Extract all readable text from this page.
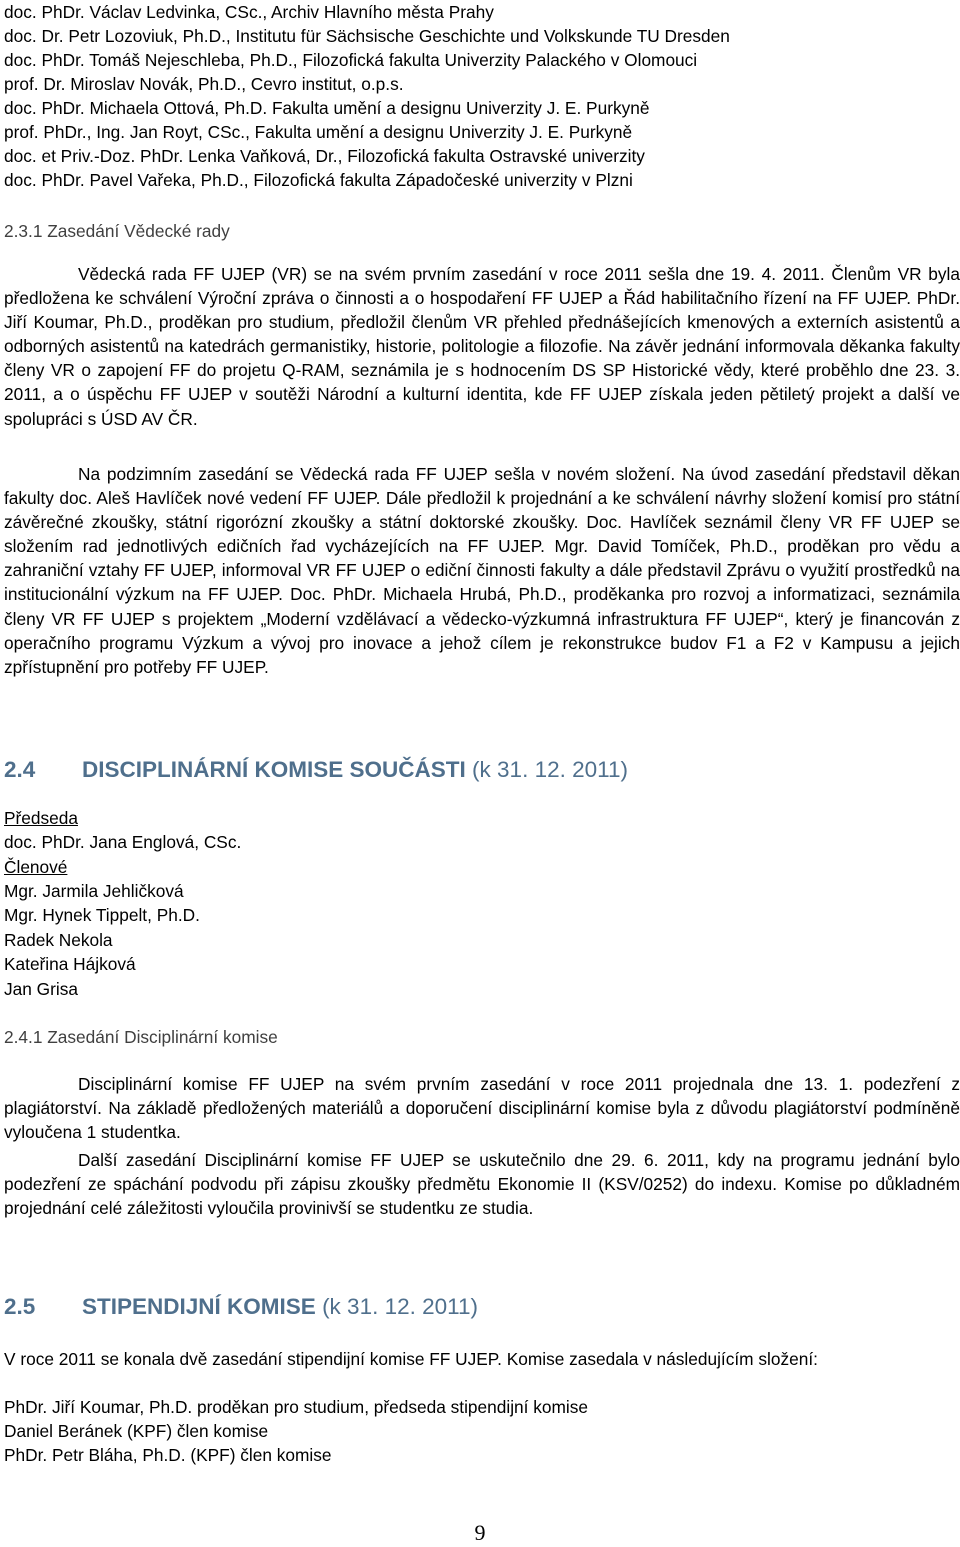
doc. PhDr. Václav Ledvinka, CSc., Archiv Hlavního města Prahy
doc. Dr. Petr Lozoviuk, Ph.D., Institutu für Sächsische Geschichte und Volkskunde TU Dresden
doc. PhDr. Tomáš Nejeschleba, Ph.D., Filozofická fakulta Univerzity Palackého v Olomouci
prof. Dr. Miroslav Novák, Ph.D., Cevro institut, o.p.s.
doc. PhDr. Michaela Ottová, Ph.D. Fakulta umění a designu Univerzity J. E. Purkyně
prof. PhDr., Ing. Jan Royt, CSc., Fakulta umění a designu Univerzity J. E. Purkyně
doc. et Priv.-Doz. PhDr. Lenka Vaňková, Dr., Filozofická fakulta Ostravské univerzity
doc. PhDr. Pavel Vařeka, Ph.D., Filozofická fakulta Západočeské univerzity v Plzni
2.3.1 Zasedání Vědecké rady

Vědecká rada FF UJEP (VR) se na svém prvním zasedání v roce 2011 sešla dne 19. 4. 2011. Členům VR byla předložena ke schválení Výroční zpráva o činnosti a o hospodaření FF UJEP a Řád habilitačního řízení na FF UJEP. PhDr. Jiří Koumar, Ph.D., proděkan pro studium, předložil členům VR přehled přednášejících kmenových a externích asistentů a odborných asistentů na katedrách germanistiky, historie, politologie a filozofie. Na závěr jednání informovala děkanka fakulty členy VR o zapojení FF do projetu Q-RAM, seznámila je s hodnocením DS SP Historické vědy, které proběhlo dne 23. 3. 2011, a o úspěchu FF UJEP v soutěži Národní a kulturní identita, kde FF UJEP získala jeden pětiletý projekt a další ve spolupráci s ÚSD AV ČR.

Na podzimním zasedání se Vědecká rada FF UJEP sešla v novém složení. Na úvod zasedání představil děkan fakulty doc. Aleš Havlíček nové vedení FF UJEP. Dále předložil k projednání a ke schválení návrhy složení komisí pro státní závěrečné zkoušky, státní rigorózní zkoušky a státní doktorské zkoušky. Doc. Havlíček seznámil členy VR FF UJEP se složením rad jednotlivých edičních řad vycházejících na FF UJEP. Mgr. David Tomíček, Ph.D., proděkan pro vědu a zahraniční vztahy FF UJEP, informoval VR FF UJEP o ediční činnosti fakulty a dále představil Zprávu o využití prostředků na institucionální výzkum na FF UJEP. Doc. PhDr. Michaela Hrubá, Ph.D., proděkanka pro rozvoj a informatizaci, seznámila členy VR FF UJEP s projektem „Moderní vzdělávací a vědecko-výzkumná infrastruktura FF UJEP“, který je financován z operačního programu Výzkum a vývoj pro inovace a jehož cílem je rekonstrukce budov F1 a F2 v Kampusu a jejich zpřístupnění pro potřeby FF UJEP.

2.4 DISCIPLINÁRNÍ KOMISE SOUČÁSTI (k 31. 12. 2011)
Předseda
doc. PhDr. Jana Englová, CSc.
Členové
Mgr. Jarmila Jehličková
Mgr. Hynek Tippelt, Ph.D.
Radek Nekola
Kateřina Hájková
Jan Grisa
2.4.1 Zasedání Disciplinární komise

Disciplinární komise FF UJEP na svém prvním zasedání v roce 2011 projednala dne 13. 1. podezření z plagiátorství. Na základě předložených materiálů a doporučení disciplinární komise byla z důvodu plagiátorství podmíněně vyloučena 1 studentka.

Další zasedání Disciplinární komise FF UJEP se uskutečnilo dne 29. 6. 2011, kdy na programu jednání bylo podezření ze spáchání podvodu při zápisu zkoušky předmětu Ekonomie II (KSV/0252) do indexu. Komise po důkladném projednání celé záležitosti vyloučila provinivší se studentku ze studia.

2.5 STIPENDIJNÍ KOMISE (k 31. 12. 2011)

V roce 2011 se konala dvě zasedání stipendijní komise FF UJEP. Komise zasedala v následujícím složení:

PhDr. Jiří Koumar, Ph.D. proděkan pro studium, předseda stipendijní komise
Daniel Beránek (KPF) člen komise
PhDr. Petr Bláha, Ph.D. (KPF) člen komise
9
